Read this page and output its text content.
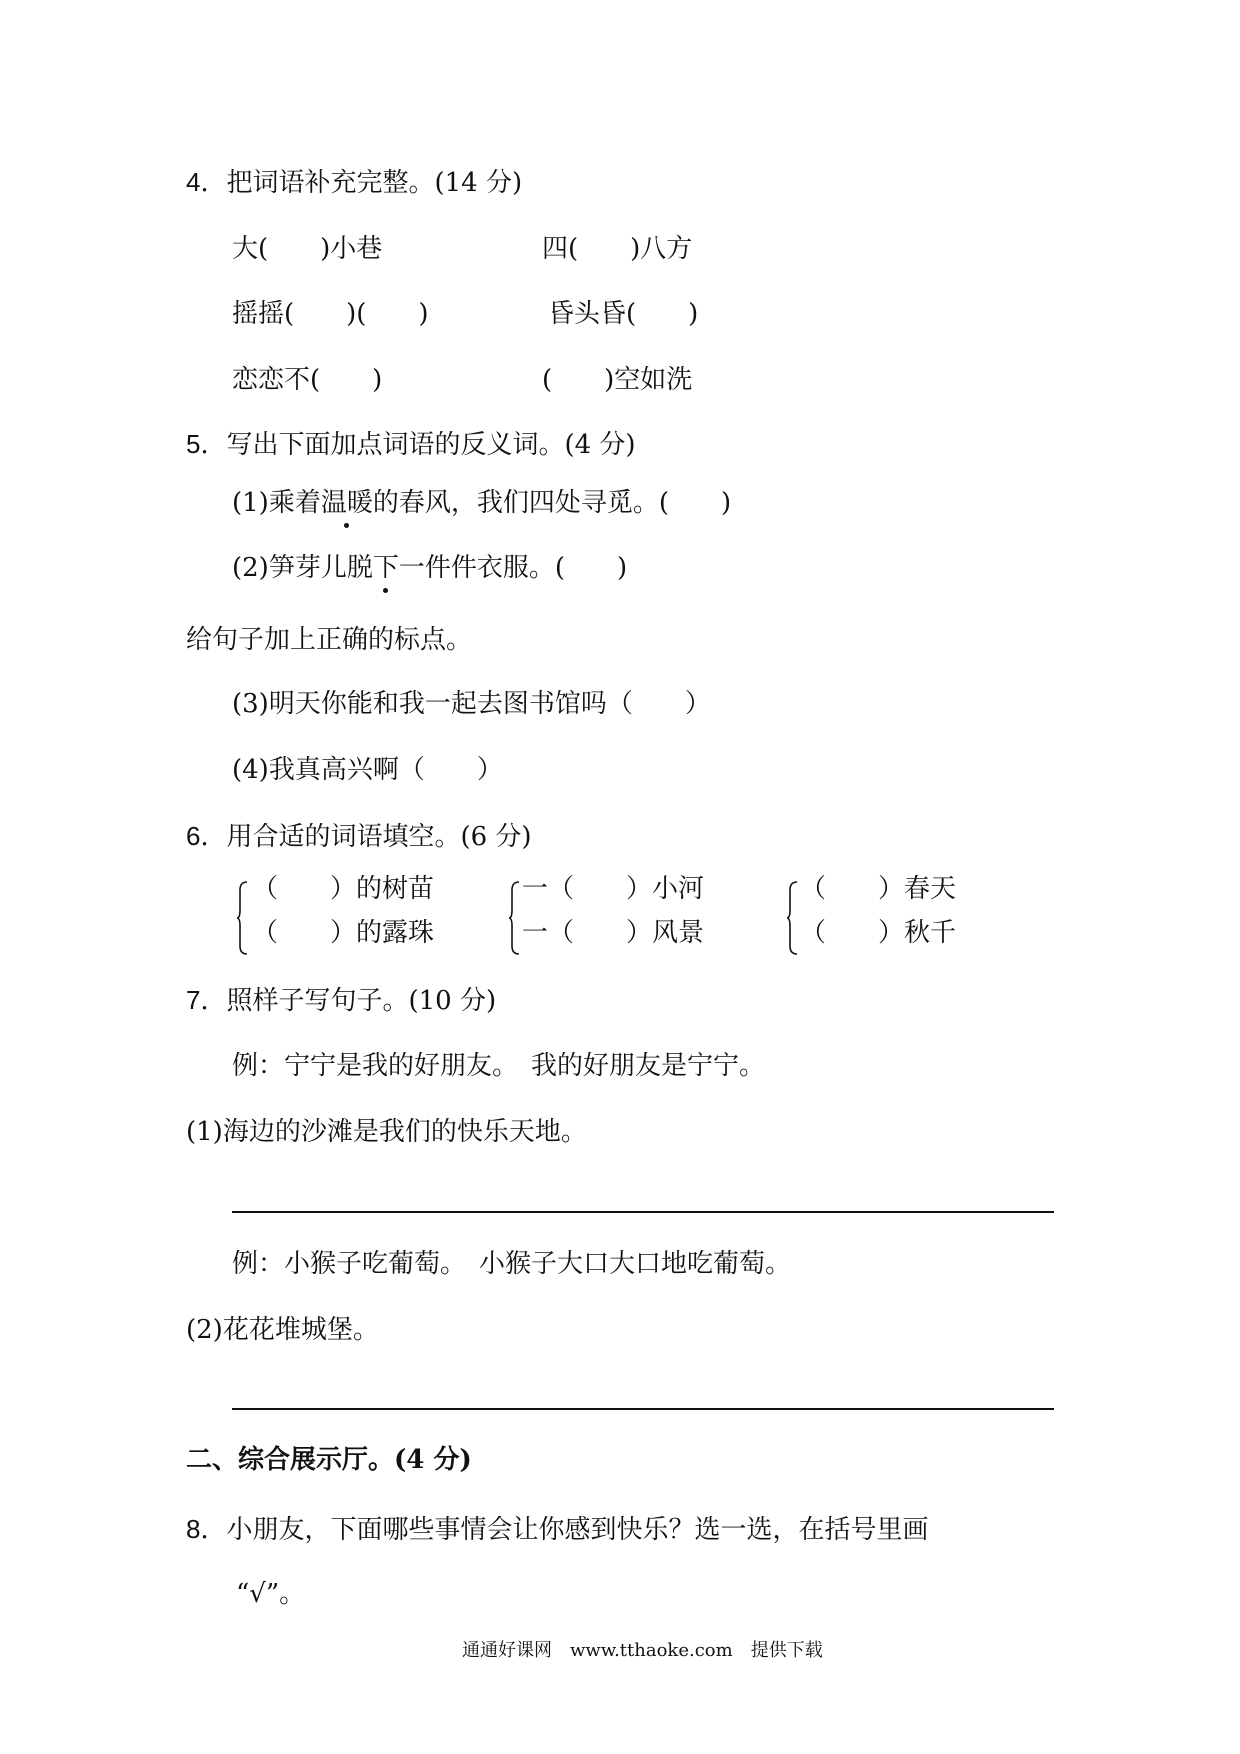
4．把词语补充完整。(14 分)
大(　　)小巷	四(　　)八方
摇摇(　　)(　　)	昏头昏(　　)
恋恋不(　　)	(　　)空如洗
5．写出下面加点词语的反义词。(4 分)
(1)乘着温暖的春风，我们四处寻觅。(　　)
(2)笋芽儿脱下一件件衣服。(　　)
给句子加上正确的标点。
(3)明天你能和我一起去图书馆吗（　　）
(4)我真高兴啊（　　）
6．用合适的词语填空。(6 分)
（　　）的树苗
（　　）的露珠
一（　　）小河
一（　　）风景
（　　）春天
（　　）秋千
7．照样子写句子。(10 分)
例：宁宁是我的好朋友。　我的好朋友是宁宁。
(1)海边的沙滩是我们的快乐天地。
例：小猴子吃葡萄。　小猴子大口大口地吃葡萄。
(2)花花堆城堡。
二、综合展示厅。(4 分)
8．小朋友，下面哪些事情会让你感到快乐？选一选，在括号里画
“√”。
通通好课网　www.tthaoke.com　提供下载
